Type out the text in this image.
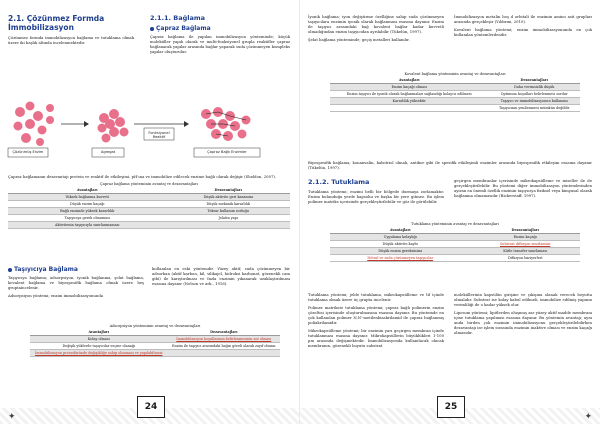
2.1. Çözünmez Formda İmmobilizasyon

Çözünmez formda immobilizasyon bağlama ve tutuklama olmak üzere iki başlık altında incelenmektedir.

2.1.1. Bağlama

Çapraz Bağlama

Çapraz bağlama ile yapılan immobilizasyon yönteminde; küçük moleküller yapılı olarak ve multi-fonksiyonel grupla reaktifler çapraz bağlanarak yapılar arasında bağlar yaparak suda çözünmeyen kompleks yapılar oluşturulur.

Çözünmüş Enzim	Agregat
Fonksiyonel Reaktif
Çapraz Bağlı Enzimler

Çapraz bağlamanın dezavantajı protein ve reaktif ile etkileşimi, pH'ına ve immobilize edilecek enzime bağlı olarak değişir (Sheldon, 2007).

Çapraz bağlama yönteminin avantaj ve dezavantajları

Avantajları	Dezavantajları
Yüksek bağlanma kuvveti	Düşük aktivite geri kazanımı
Düşük enzim kaçağı	Düşük mekanik kararlılık
Bağlı enzimde yüksek kararlılık	Tekrar kullanım zorluğu
Taşıyıcıya gerek olmaması	Jelatin yapı
Aktivitenin taşıyıcıyla sınırlanmaması	

Taşıyıcıya Bağlama

Taşıyıcıya bağlama; adsorpsiyon, iyonik bağlanma, şelat bağlama, kovalent bağlama ve biyospesifik bağlama olmak üzere beş gruptaincelenir.

Adsorpsiyon yöntemi; enzim immobilizasyonunda

kullanılan en eski yöntemdir. Yüzey aktif, suda çözünmeyen bir adsorban (aktif karbon, kil, silikajel, hidroksi karbonat, gözenekli cam gibi) ile karıştırılması ve fazla enzimin yıkanarak uzaklaştırılması esasına dayanır (Nelson ve ark., 1916).

Adsorpsiyon yönteminin avantaj ve dezavantajları

Avantajları	Dezavantajları
Kolay olması	İmmobilizasyon koşullarının belirlenmesinin zor olması
Değişik yüklerde taşıyıcılar seçme olanağı	Enzim ile taşıyıcı arasındaki bağın göreli olarak zayıf olması
İmmobilizasyon prosedüründe değişikliğe sahip olunması ve yapılabilmesi	
✦
24

İyonik bağlama; iyon değiştirme özelliğine sahip suda çözünmeyen taşıyıcılara enzimin iyonik olarak bağlanması esasına dayanır. Enzim ile taşıyıcı arasındaki bağ kovalent bağlar kadar kuvvetli olmadığından enzim taşıyıcıdan ayrılabilir (Tükelün, 1997).

Şelat bağlama yönteminde; geçiş metalleri kullanılır.

İmmobilizasyon metalin boş d orbitali ile enzimin amino asit grupları arasında gerçekleşir (Yıldırım, 2010).

Kovalent bağlama yöntemi; enzim immobilizasyonunda en çok kullanılan yöntemlerdendir.

Kovalent bağlama yönteminin avantaj ve dezavantajları

Avantajları	Dezavantajları
Enzim kaçağı olması	Daha verimsizlik düşük
Enzim taşıyıcı ile iyonik olarak bağlanmaları sağlandığı kolayca edilmesi	Optimum koşulları belirlenmesi zordur
Kararlılık yüksektir	Taşıyıcı ve immobilizasyonun kullanımı
	Taşıyıcının yenilenmesi mümkün değildir

Biyospesifik bağlama; konanvalin, kalsitriol olmalı, antikor gibi ile spesifik etkileşimli enzimler arasında biyospesifik etkileşim esasına dayanır (Tükelün, 1997).

2.1.2. Tutuklama

Tutuklama yöntemi; enzimi belli bir bölgede durmaya zorlamaktır. Enzim bulunduğu yerde hapsoluı ve başka bir yere gitmez. Bu işlem polimer matriks içerisinde gerçekleştirilebilir ve göz ile görülebilir.

geçirgen membranlar içerisinde mikrokapsülleme ve miseller ile de gerçekleştirilebilir. Bu yöntemi diğer immobilizasyon yöntemlerinden ayıran en önemli özellik enzimin taşıyıcıya fiziksel veya kimyasal olarak bağlanma olmamasıdır (Bickerstaff, 1997).

Tutuklama yönteminin avantaj ve dezavantajları

Avantajları	Dezavantajları
Uygulama kolaylığı	Enzim kaçağı
Düşük aktivite kaybı	Substrat difüzyon sınırlaması
Düşük enzim gereksinimi	Kütle transfer sınırlaması
Nötral ve suda çözünmeyen taşıyıcılar	Difüzyon bariyerleri

Tutuklama yöntemi; jelde tutuklama, mikrokapsülleme ve lif içinde tutuklama olmak üzere üç grupta incelenir.

Polimer matrikste tutuklama yöntemi; çapraz bağlı polimerin enzim çözeltisi içerisinde oluşturulmasına esasına dayanır. Bu yöntemde en çok kullanılan polimer N,N'-metilenbisakrilamid ile çapraz bağlanmış poliakrilamidir.

Mikrokapsülleme yöntemi; bir enzimin yarı geçirgen membran içinde tutuklanması esasına dayanır. Mikrokapsüllerin büyüklükleri 1-100 µm arasında değişmektedir. İmmobilizasyonda kullanılacak olacak membranın, gözenekli boyutu substrat

moleküllerinin kapsülün girişine ve çıkışına olanak verecek boyutta olmalıdır. Substrat ise kolay kabul edilmeli, immobilize edilmiş yapının verimliliği de o kadar yüksek olur.

Liposom yöntemi; lipitlerden oluşmuş zar yüzey aktif madde membranı içine tutuklama yapılması esasına dayanır. Bu yöntemin avantajı; aynı anda birden çok enzimin immobilizasyonu gerçekleştirilebilirken dezavantajı ise işlem sırasında enzimin inaktive olması ve enzim kaçağı olmasıdır.

✦
25
